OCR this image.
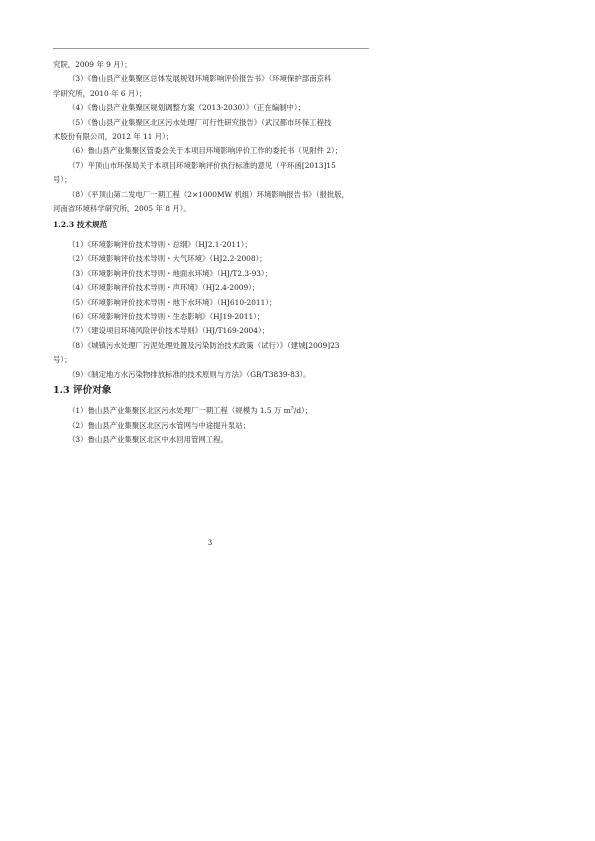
究院，2009 年 9 月）；
（3）《鲁山县产业集聚区总体发展规划环境影响评价报告书》（环境保护部南京科
学研究所，2010 年 6 月）；
（4）《鲁山县产业集聚区规划调整方案（2013-2030）》（正在编制中）；
（5）《鲁山县产业集聚区北区污水处理厂可行性研究报告》（武汉都市环保工程技
术股份有限公司，2012 年 11 月）；
（6）鲁山县产业集聚区管委会关于本项目环境影响评价工作的委托书（见附件 2）；
（7）平顶山市环保局关于本项目环境影响评价执行标准的意见（平环函[2013]15
号）；
（8）《平顶山第二发电厂一期工程（2×1000MW 机组）环境影响报告书》（报批版，
河南省环境科学研究所，2005 年 8 月）。
1.2.3 技术规范
（1）《环境影响评价技术导则・总纲》（HJ2.1-2011）；
（2）《环境影响评价技术导则・大气环境》（HJ2.2-2008）；
（3）《环境影响评价技术导则・地面水环境》（HJ/T2.3-93）；
（4）《环境影响评价技术导则・声环境》（HJ2.4-2009）；
（5）《环境影响评价技术导则・地下水环境》（HJ610-2011）；
（6）《环境影响评价技术导则・生态影响》（HJ19-2011）；
（7）《建设项目环境风险评价技术导则》（HJ/T169-2004）；
（8）《城镇污水处理厂污泥处理处置及污染防治技术政策（试行）》（建城[2009]23
号）；
（9）《制定地方水污染物排放标准的技术原则与方法》（GB/T3839-83）。
1.3 评价对象
（1）鲁山县产业集聚区北区污水处理厂一期工程（规模为 1.5 万 $m^3/d$）；
（2）鲁山县产业集聚区北区污水管网与中途提升泵站；
（3）鲁山县产业集聚区北区中水回用管网工程。
3
